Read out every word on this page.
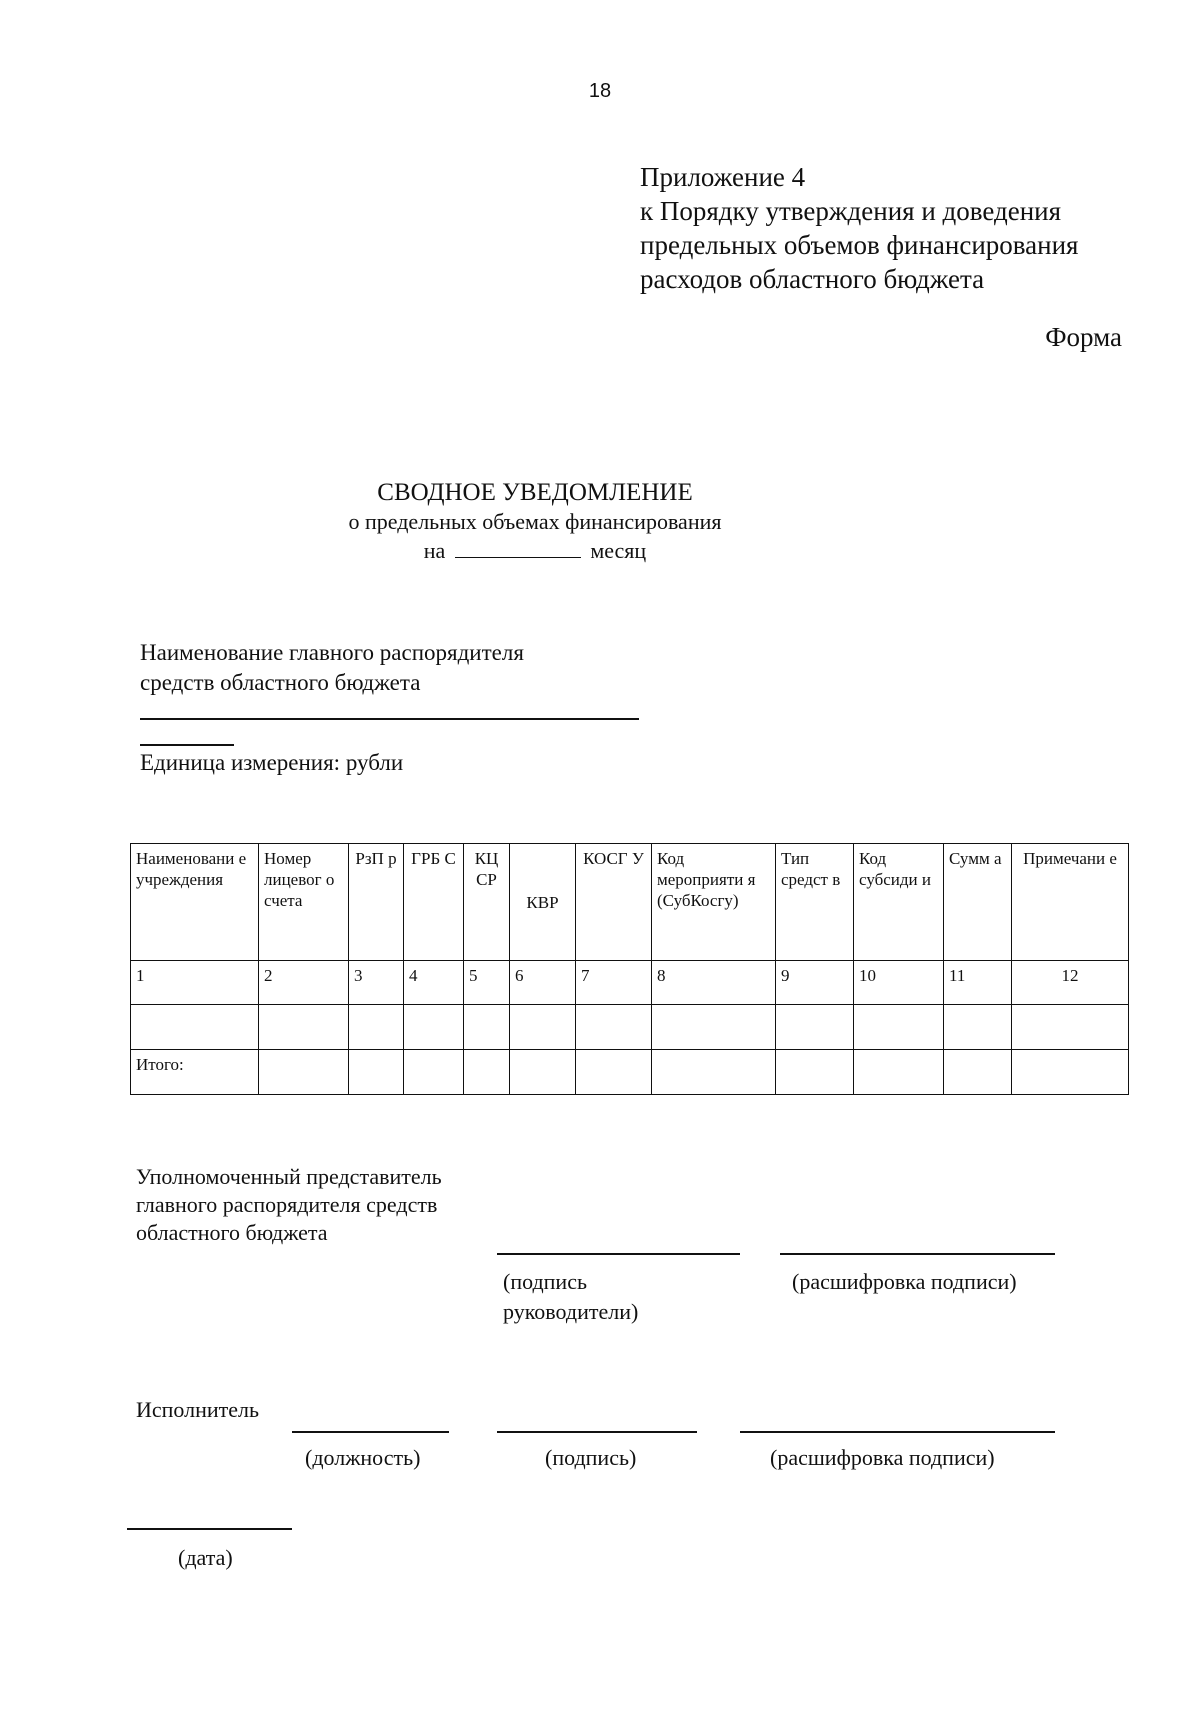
18
Приложение 4
к Порядку утверждения и доведения
предельных объемов финансирования
расходов областного бюджета
Форма
СВОДНОЕ УВЕДОМЛЕНИЕ
о предельных объемах финансирования
на	месяц
Наименование главного распорядителя
средств областного бюджета
Единица измерения: рубли
Наименовани е учреждения	Номер лицевог о счета	РзП р	ГРБ С	КЦ СР	КВР	КОСГ У	Код мероприяти я (СубКосгу)	Тип средст в	Код субсиди и	Сумм а	Примечани е
1	2	3	4	5	6	7	8	9	10	11	12

Итого:											
Уполномоченный представитель
главного распорядителя средств
областного бюджета
(подпись
руководители)
(расшифровка подписи)
Исполнитель
(должность)	(подпись)	(расшифровка подписи)
(дата)
